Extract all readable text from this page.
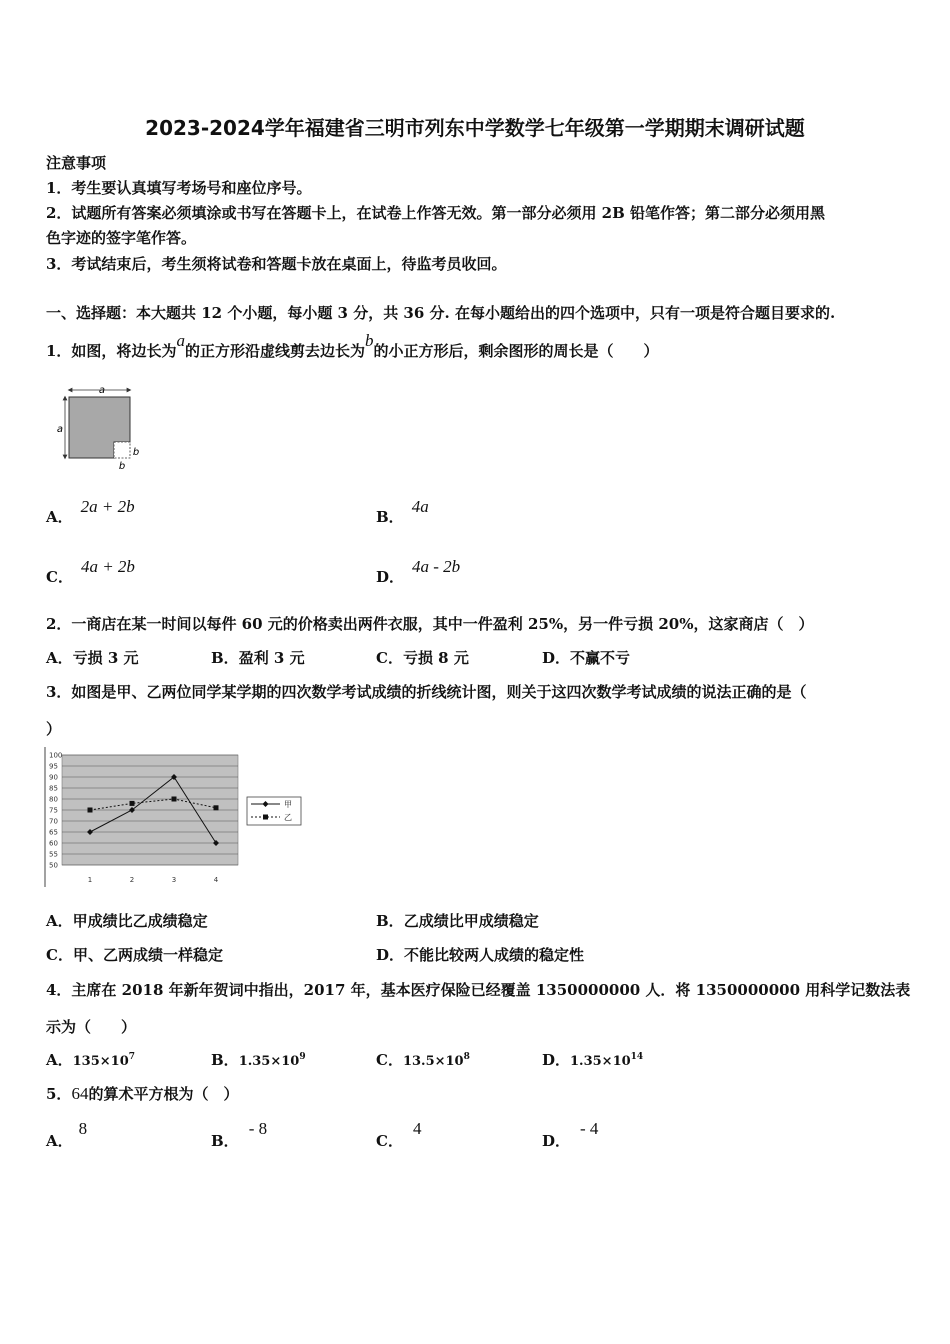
2023-2024学年福建省三明市列东中学数学七年级第一学期期末调研试题
注意事项
1．考生要认真填写考场号和座位序号。
2．试题所有答案必须填涂或书写在答题卡上，在试卷上作答无效。第一部分必须用 2B 铅笔作答；第二部分必须用黑
色字迹的签字笔作答。
3．考试结束后，考生须将试卷和答题卡放在桌面上，待监考员收回。
一、选择题：本大题共 12 个小题，每小题 3 分，共 36 分. 在每小题给出的四个选项中，只有一项是符合题目要求的.
1．如图，将边长为a的正方形沿虚线剪去边长为b的小正方形后，剩余图形的周长是（　　）
a
a
b
b
A．2a + 2b
B．4a
C．4a + 2b
D．4a - 2b
2．一商店在某一时间以每件 60 元的价格卖出两件衣服，其中一件盈利 25%，另一件亏损 20%，这家商店（　）
A．亏损 3 元	B．盈利 3 元	C．亏损 8 元	D．不赢不亏
3．如图是甲、乙两位同学某学期的四次数学考试成绩的折线统计图，则关于这四次数学考试成绩的说法正确的是（
）
100
95
90
85
80
75
70
65
60
55
50
1	2	3	4
甲
乙
A．甲成绩比乙成绩稳定	B．乙成绩比甲成绩稳定
C．甲、乙两成绩一样稳定	D．不能比较两人成绩的稳定性
4．主席在 2018 年新年贺词中指出，2017 年，基本医疗保险已经覆盖 1350000000 人．将 1350000000 用科学记数法表
示为（　　）
A．$135\times 10^7$	B．$1.35\times 10^9$	C．$13.5\times 10^8$	D．$1.35\times 10^{14}$
5．64的算术平方根为（　）
A．8
B．- 8
C．4
D．- 4
